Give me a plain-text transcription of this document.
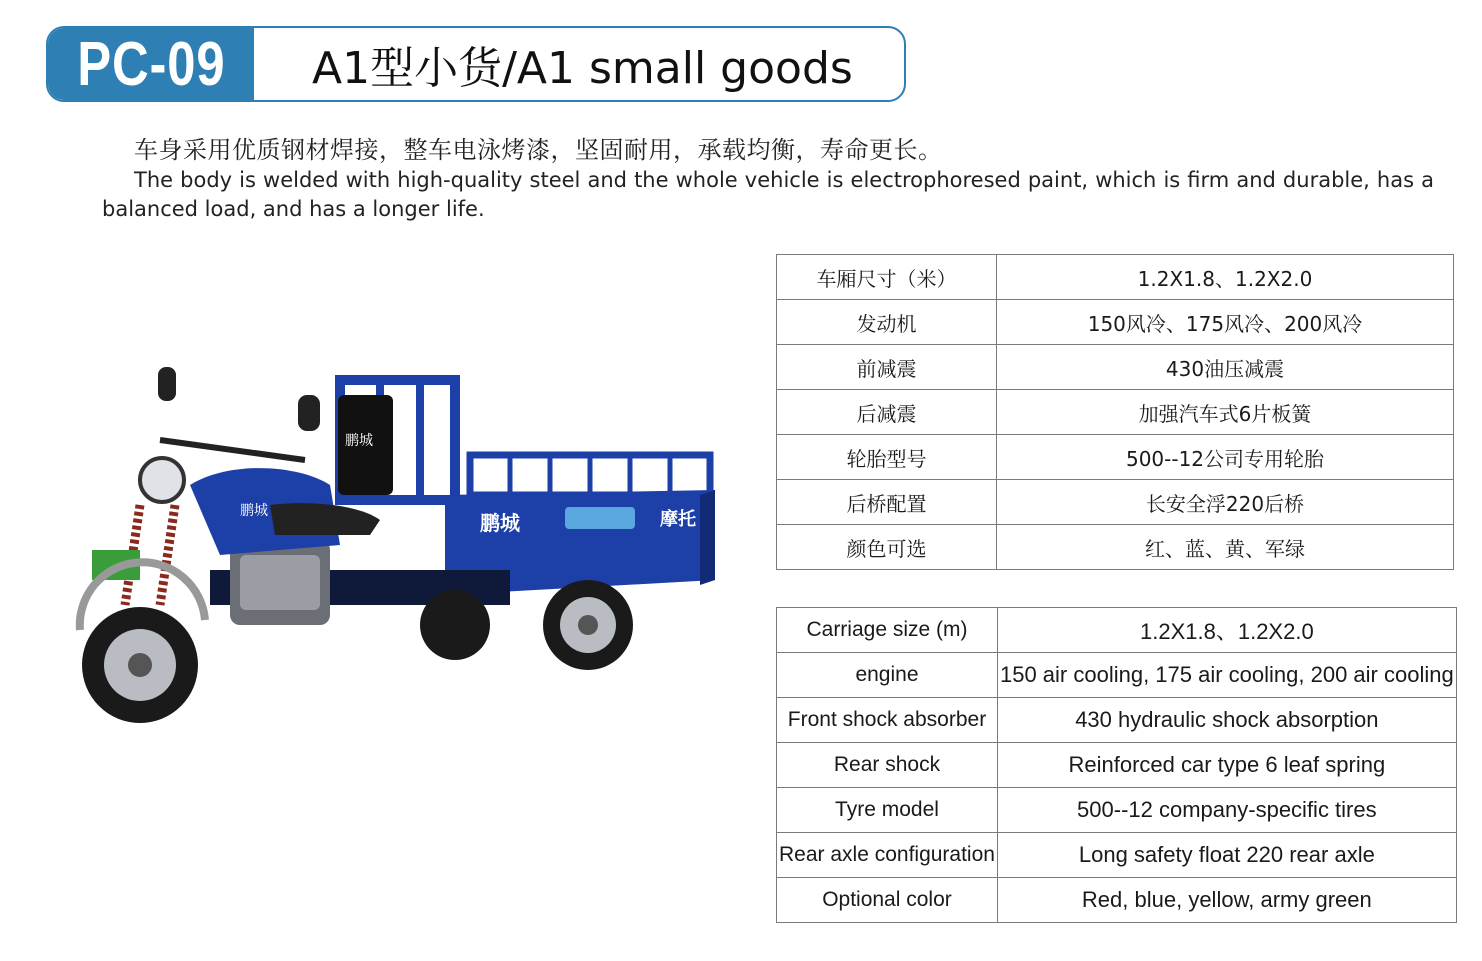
PC-09 A1型小货/A1 small goods
车身采用优质钢材焊接，整车电泳烤漆，坚固耐用，承载均衡，寿命更长。
The body is welded with high-quality steel and the whole vehicle is electrophoresed paint, which is firm and durable, has a balanced load, and has a longer life.
鹏城	摩托
鹏城
鹏城
车厢尺寸（米）	1.2X1.8、1.2X2.0
发动机	150风冷、175风冷、200风冷
前减震	430油压减震
后减震	加强汽车式6片板簧
轮胎型号	500--12公司专用轮胎
后桥配置	长安全浮220后桥
颜色可选	红、蓝、黄、军绿
Carriage size (m)	1.2X1.8、1.2X2.0
engine	150 air cooling, 175 air cooling, 200 air cooling
Front shock absorber	430 hydraulic shock absorption
Rear shock	Reinforced car type 6 leaf spring
Tyre model	500--12 company-specific tires
Rear axle configuration	Long safety float 220 rear axle
Optional color	Red, blue, yellow, army green
